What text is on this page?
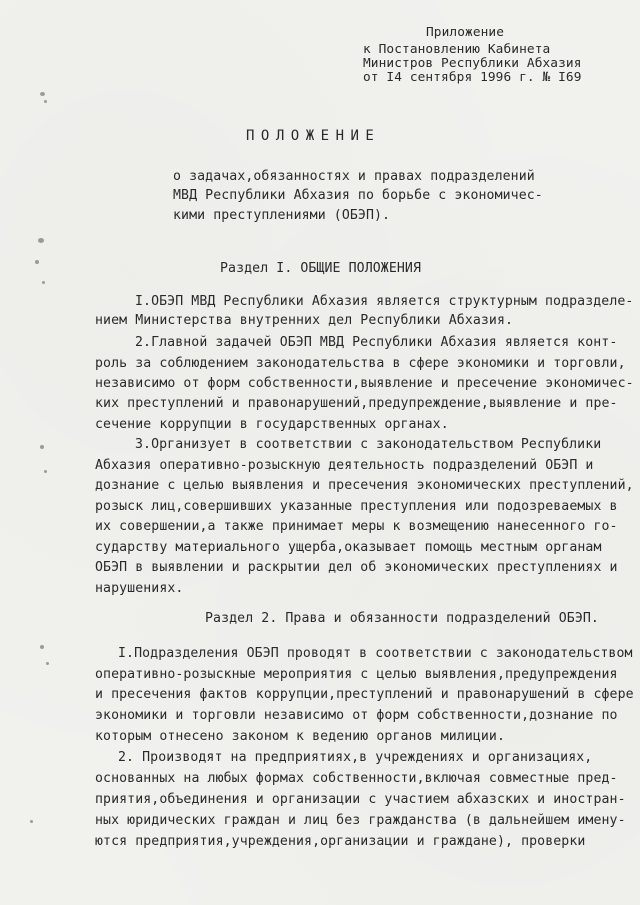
Приложение
к Постановлению Кабинета
Министров Республики Абхазия
от I4 сентября 1996 г. № I69
ПОЛОЖЕНИЕ
о задачах,обязанностях и правах подразделений
МВД Республики Абхазия по борьбе с экономичес-
кими преступлениями (ОБЭП).
Раздел I. ОБЩИЕ ПОЛОЖЕНИЯ
I.ОБЭП МВД Республики Абхазия является структурным подразделе-
нием Министерства внутренних дел Республики Абхазия.
2.Главной задачей ОБЭП МВД Республики Абхазия является конт-
роль за соблюдением законодательства в сфере экономики и торговли,
независимо от форм собственности,выявление и пресечение экономичес-
ких преступлений и правонарушений,предупреждение,выявление и пре-
сечение коррупции в государственных органах.
3.Организует в соответствии с законодательством Республики
Абхазия оперативно-розыскную деятельность подразделений ОБЭП и
дознание с целью выявления и пресечения экономических преступлений,
розыск лиц,совершивших указанные преступления или подозреваемых в
их совершении,а также принимает меры к возмещению нанесенного го-
сударству материального ущерба,оказывает помощь местным органам
ОБЭП в выявлении и раскрытии дел об экономических преступлениях и
нарушениях.
Раздел 2. Права и обязанности подразделений ОБЭП.
I.Подразделения ОБЭП проводят в соответствии с законодательством
оперативно-розыскные мероприятия с целью выявления,предупреждения
и пресечения фактов коррупции,преступлений и правонарушений в сфере
экономики и торговли независимо от форм собственности,дознание по
которым отнесено законом к ведению органов милиции.
2. Производят на предприятиях,в учреждениях и организациях,
основанных на любых формах собственности,включая совместные пред-
приятия,объединения и организации с участием абхазских и иностран-
ных юридических граждан и лиц без гражданства (в дальнейшем имену-
ются предприятия,учреждения,организации и граждане), проверки
